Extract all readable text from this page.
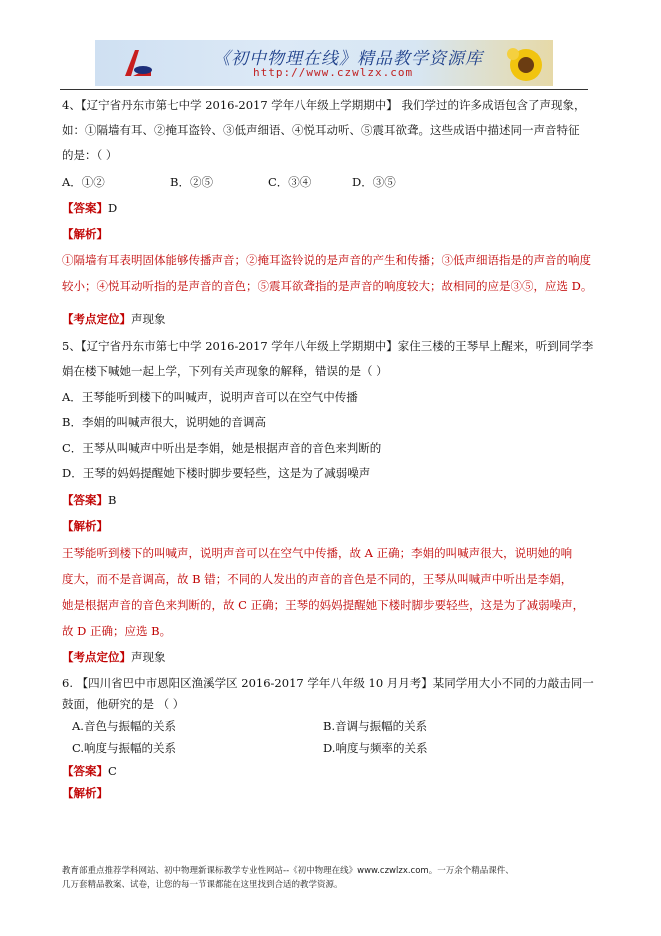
《初中物理在线》精品教学资源库
http://www.czwlzx.com
4、【辽宁省丹东市第七中学 2016-2017 学年八年级上学期期中】 我们学过的许多成语包含了声现象，
如：①隔墙有耳、②掩耳盗铃、③低声细语、④悦耳动听、⑤震耳欲聋。这些成语中描述同一声音特征
的是：（ ）
A．①②	B．②⑤	C．③④	D．③⑤
【答案】D
【解析】
①隔墙有耳表明固体能够传播声音；②掩耳盗铃说的是声音的产生和传播；③低声细语指是的声音的响度
较小；④悦耳动听指的是声音的音色；⑤震耳欲聋指的是声音的响度较大；故相同的应是③⑤，应选 D。
【考点定位】声现象
5、【辽宁省丹东市第七中学 2016-2017 学年八年级上学期期中】家住三楼的王琴早上醒来，听到同学李
娟在楼下喊她一起上学，下列有关声现象的解释，错误的是（ ）
A．王琴能听到楼下的叫喊声，说明声音可以在空气中传播
B．李娟的叫喊声很大，说明她的音调高
C．王琴从叫喊声中听出是李娟，她是根据声音的音色来判断的
D．王琴的妈妈提醒她下楼时脚步要轻些，这是为了减弱噪声
【答案】B
【解析】
王琴能听到楼下的叫喊声，说明声音可以在空气中传播，故 A 正确；李娟的叫喊声很大，说明她的响
度大，而不是音调高，故 B 错；不同的人发出的声音的音色是不同的，王琴从叫喊声中听出是李娟，
她是根据声音的音色来判断的，故 C 正确；王琴的妈妈提醒她下楼时脚步要轻些，这是为了减弱噪声，
故 D 正确；应选 B。
【考点定位】声现象
6. 【四川省巴中市恩阳区渔溪学区 2016-2017 学年八年级 10 月月考】某同学用大小不同的力敲击同一
鼓面，他研究的是 （ ）
A.音色与振幅的关系	B.音调与振幅的关系
C.响度与振幅的关系	D.响度与频率的关系
【答案】C
【解析】
教育部重点推荐学科网站、初中物理新课标教学专业性网站--《初中物理在线》www.czwlzx.com。一万余个精品课件、
几万套精品教案、试卷，让您的每一节课都能在这里找到合适的教学资源。
